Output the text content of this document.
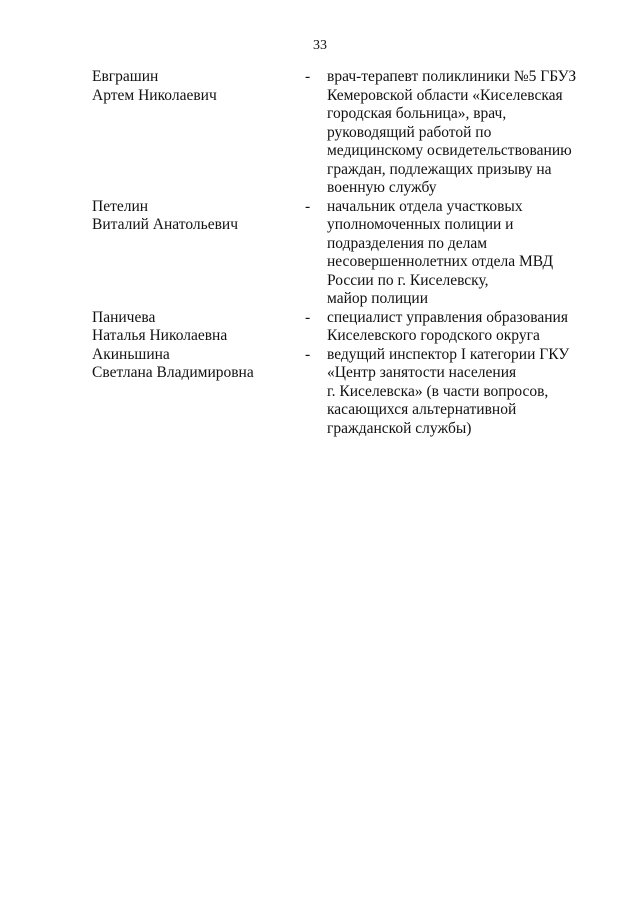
33
Евграшин
Артем Николаевич
-	врач-терапевт поликлиники №5 ГБУЗ
Кемеровской области «Киселевская
городская больница», врач,
руководящий работой по
медицинскому освидетельствованию
граждан, подлежащих призыву на
военную службу
Петелин
Виталий Анатольевич
-	начальник отдела участковых
уполномоченных полиции и
подразделения по делам
несовершеннолетних отдела МВД
России по г. Киселевску,
майор полиции
Паничева
Наталья Николаевна
-	специалист управления образования
Киселевского городского округа
Акиньшина
Светлана Владимировна
-	ведущий инспектор I категории ГКУ
«Центр занятости населения
г. Киселевска» (в части вопросов,
касающихся альтернативной
гражданской службы)
